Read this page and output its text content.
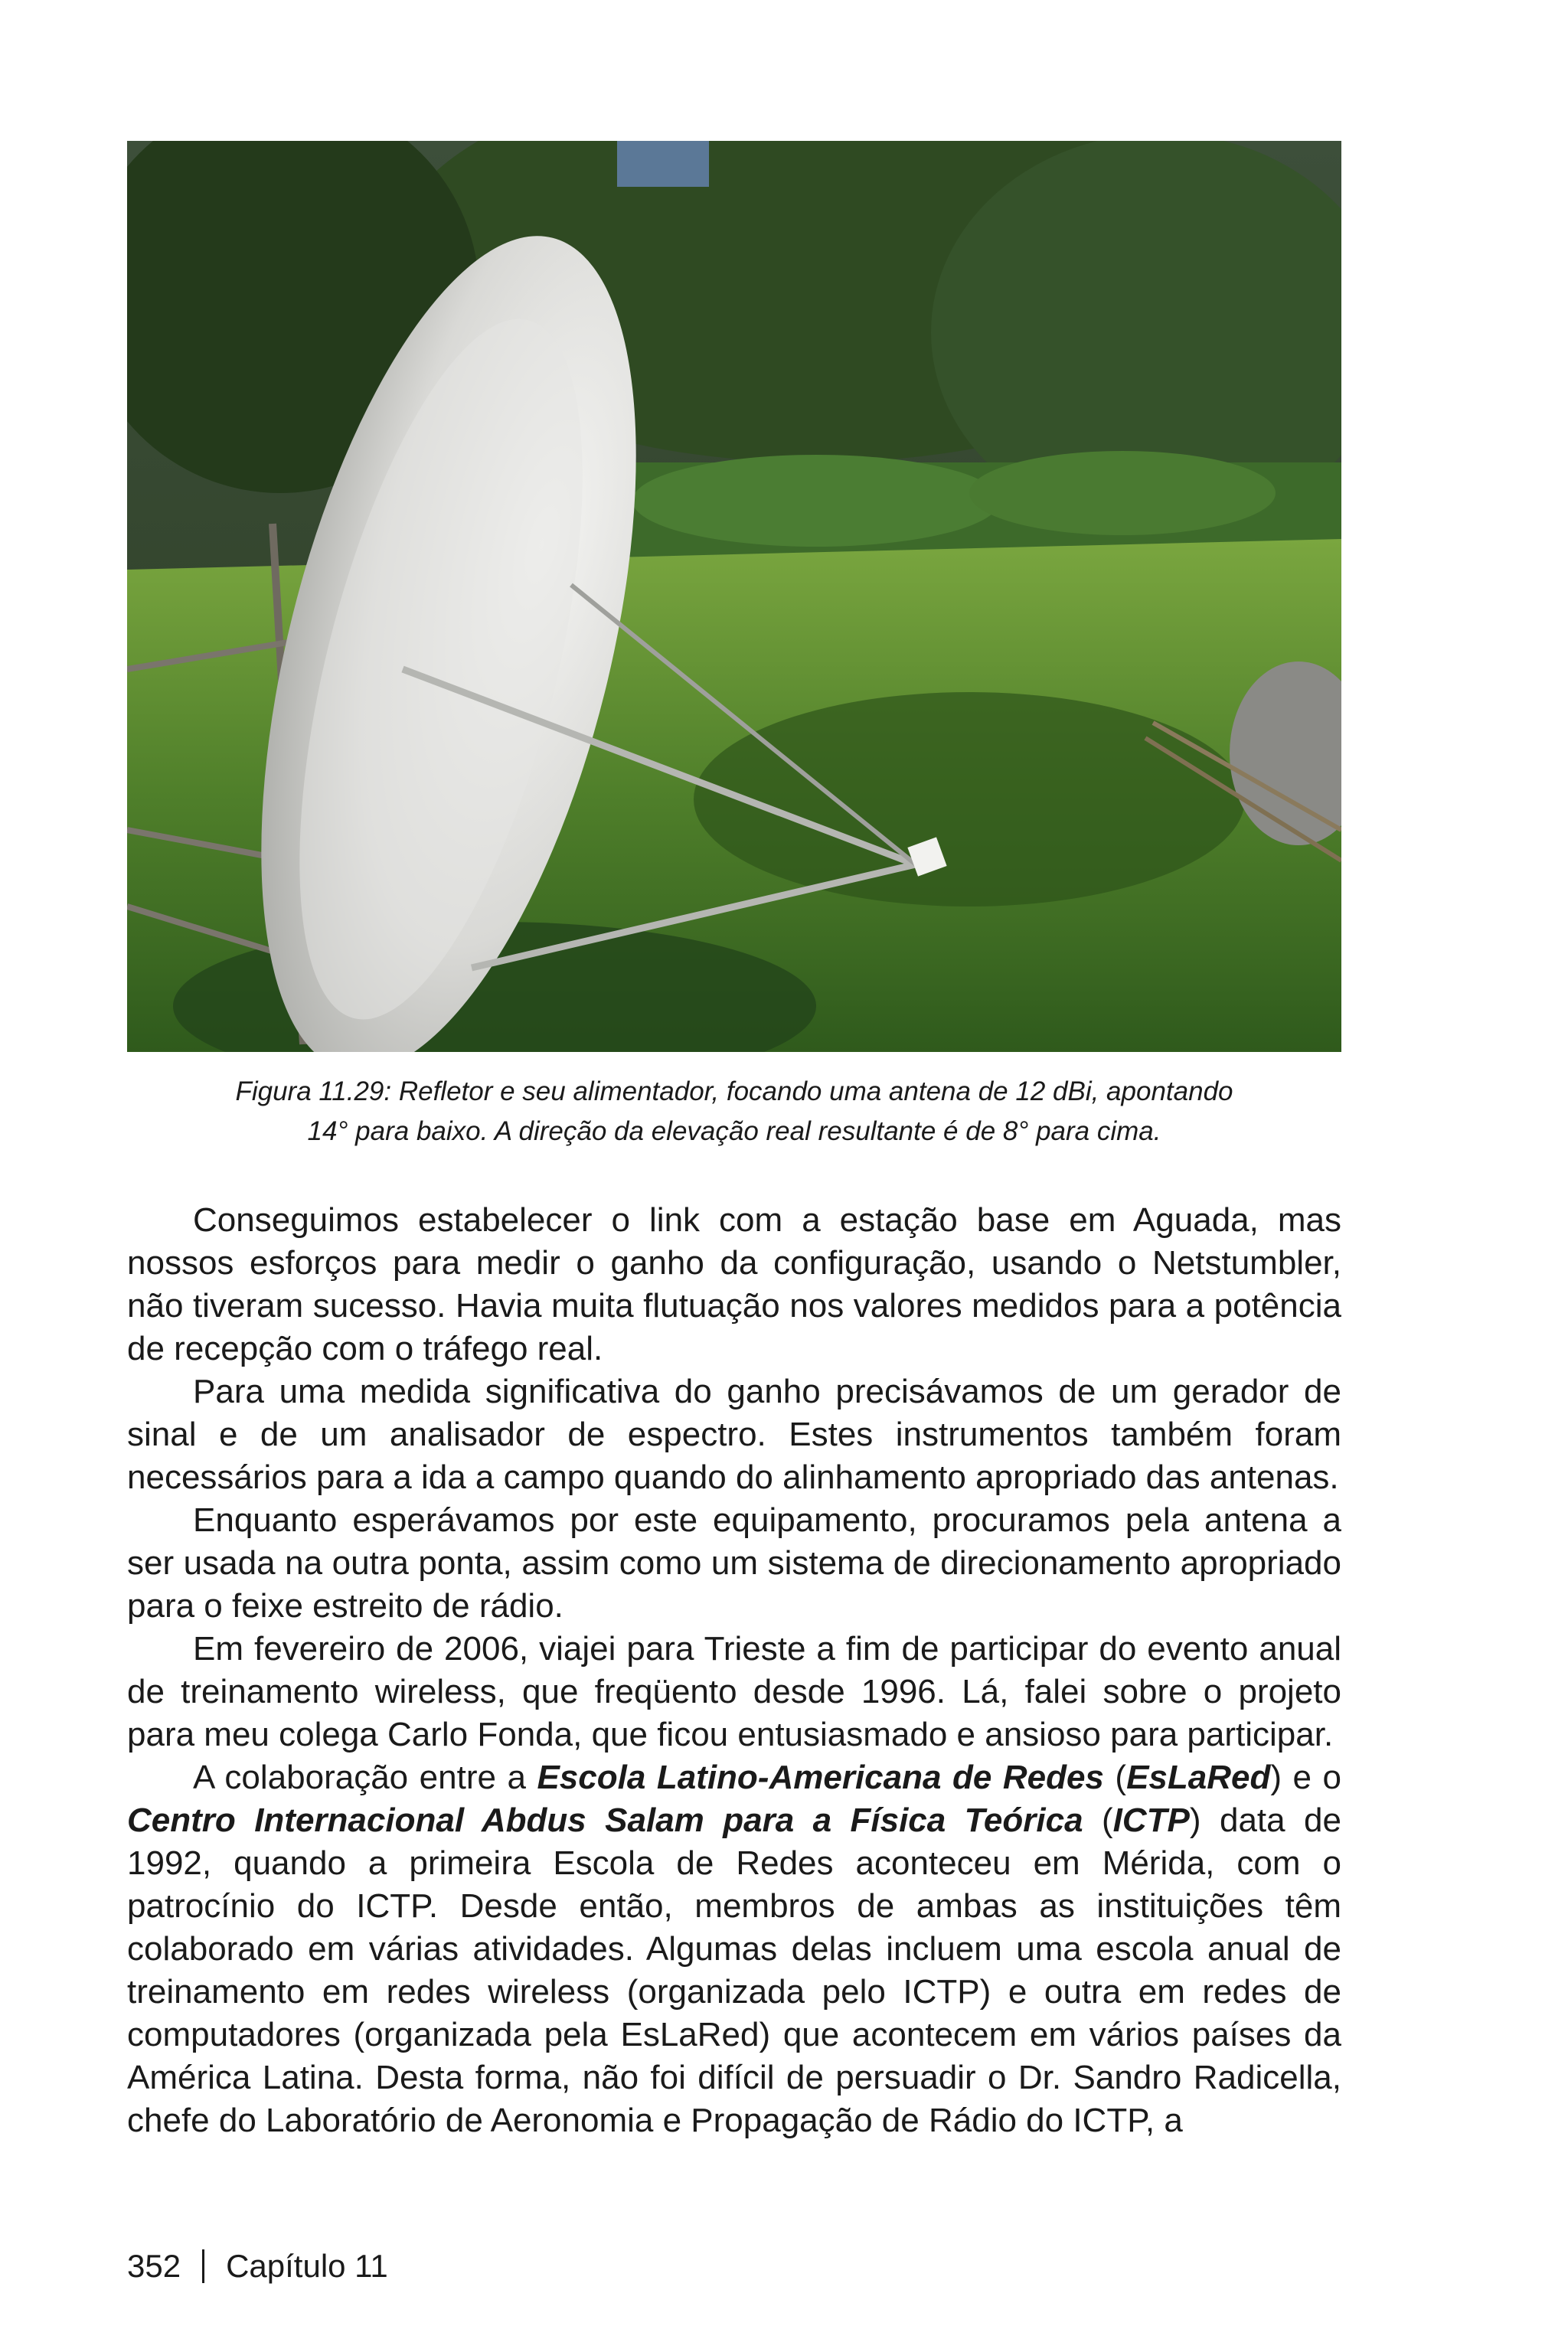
Figura 11.29: Refletor e seu alimentador, focando uma antena de 12 dBi, apontando

14° para baixo. A direção da elevação real resultante é de 8° para cima.

Conseguimos estabelecer o link com a estação base em Aguada, mas nossos esforços para medir o ganho da configuração, usando o Netstumbler, não tiveram sucesso. Havia muita flutuação nos valores medidos para a potência de recepção com o tráfego real.

Para uma medida significativa do ganho precisávamos de um gerador de sinal e de um analisador de espectro. Estes instrumentos também foram necessários para a ida a campo quando do alinhamento apropriado das antenas.

Enquanto esperávamos por este equipamento, procuramos pela antena a ser usada na outra ponta, assim como um sistema de direcionamento apropriado para o feixe estreito de rádio.

Em fevereiro de 2006, viajei para Trieste a fim de participar do evento anual de treinamento wireless, que freqüento desde 1996. Lá, falei sobre o projeto para meu colega Carlo Fonda, que ficou entusiasmado e ansioso para participar.

A colaboração entre a Escola Latino-Americana de Redes (EsLaRed) e o Centro Internacional Abdus Salam para a Física Teórica (ICTP) data de 1992, quando a primeira Escola de Redes aconteceu em Mérida, com o patrocínio do ICTP. Desde então, membros de ambas as instituições têm colaborado em várias atividades. Algumas delas incluem uma escola anual de treinamento em redes wireless (organizada pelo ICTP) e outra em redes de computadores (organizada pela EsLaRed) que acontecem em vários países da América Latina. Desta forma, não foi difícil de persuadir o Dr. Sandro Radicella, chefe do Laboratório de Aeronomia e Propagação de Rádio do ICTP, a

352 Capítulo 11
